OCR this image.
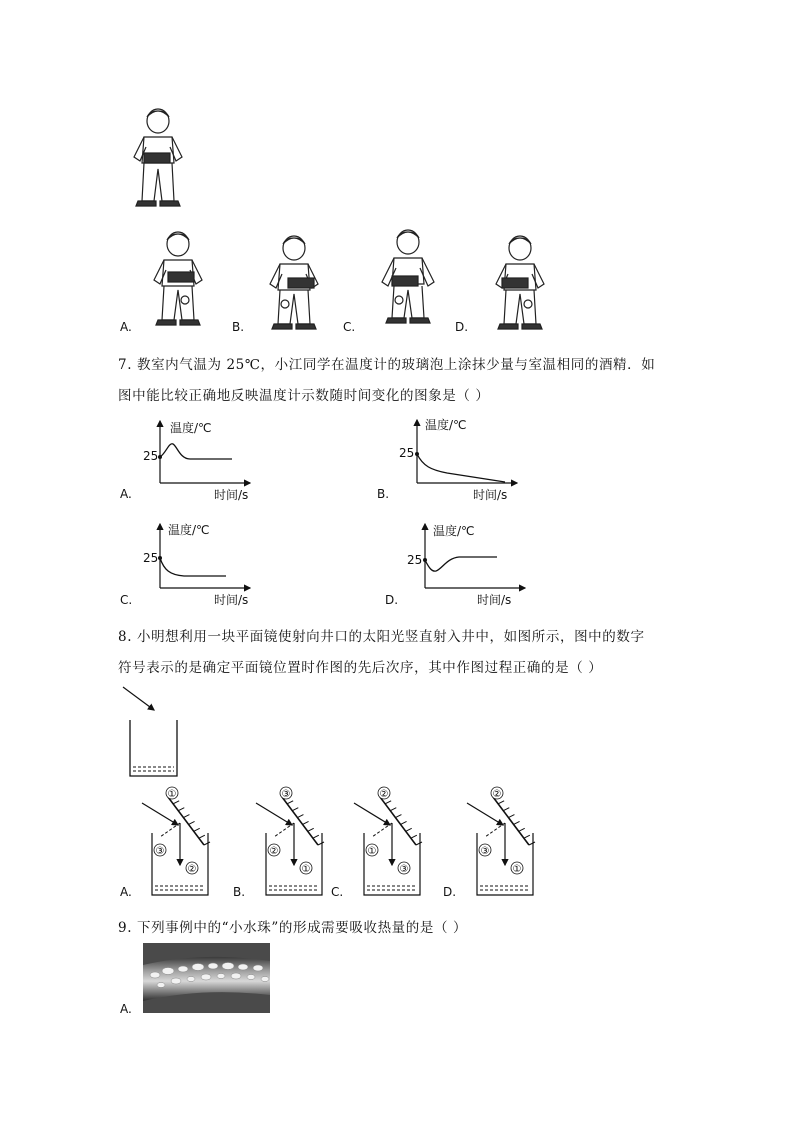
A.	B.	C.	D.
7. 教室内气温为 25℃，小江同学在温度计的玻璃泡上涂抹少量与室温相同的酒精．如
图中能比较正确地反映温度计示数随时间变化的图象是（ ）
温度/℃
25
时间/s
A.
温度/℃
25
时间/s
B.
温度/℃
25
时间/s
C.
温度/℃
25
时间/s
D.
8. 小明想利用一块平面镜使射向井口的太阳光竖直射入井中，如图所示，图中的数字
符号表示的是确定平面镜位置时作图的先后次序，其中作图过程正确的是（ ）
①
③
②
A.
③
②
①
B.
②
①
③
C.
②
③
①
D.
9. 下列事例中的“小水珠”的形成需要吸收热量的是（ ）
A.
